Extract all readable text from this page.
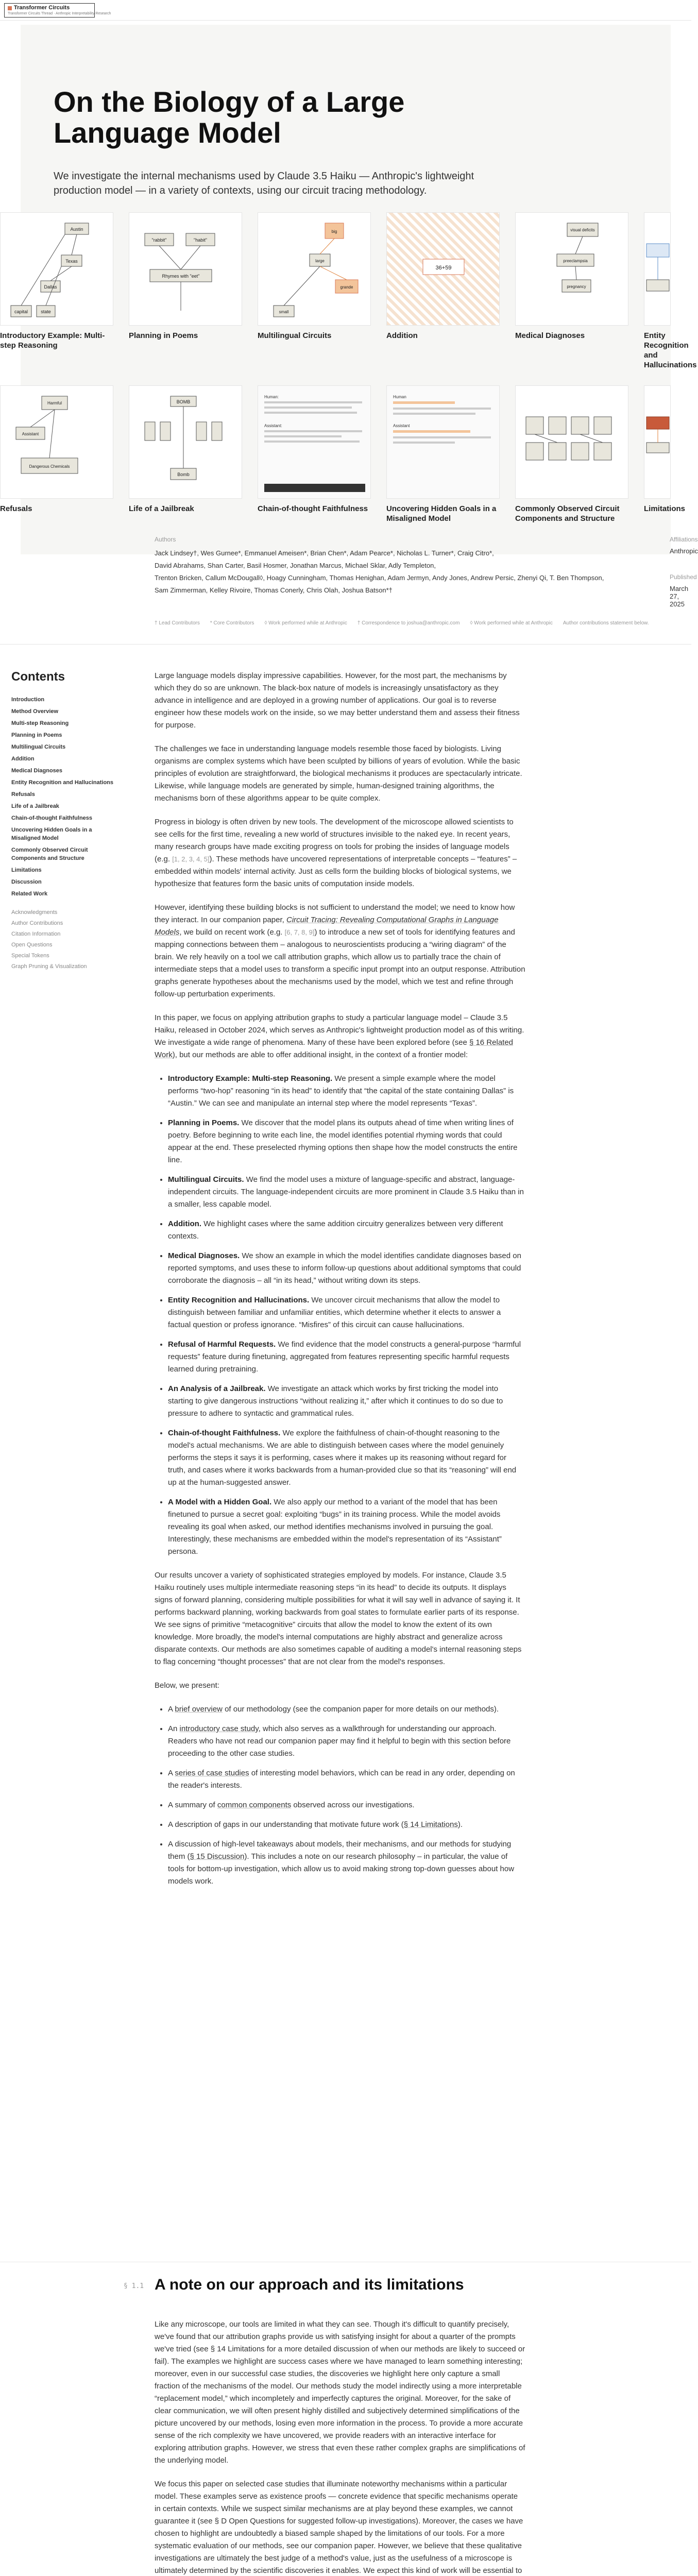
Transformer Circuits
Transformer Circuits Thread · Anthropic Interpretability Research
On the Biology of a Large Language Model
We investigate the internal mechanisms used by Claude 3.5 Haiku — Anthropic's lightweight production model — in a variety of contexts, using our circuit tracing methodology.
Austin
Texas
Dallas
capital	state
Introductory Example: Multi-step Reasoning
"rabbit"	"habit"
Rhymes with "eet"
Planning in Poems
big
large
grande
small
Multilingual Circuits
36+59
Addition
visual deficits
preeclampsia
pregnancy
Medical Diagnoses	Entity Recognition and Hallucinations
Harmful
Assistant
Dangerous Chemicals
Refusals
BOMB
Bomb
Life of a Jailbreak
Human:
Assistant:
Chain-of-thought Faithfulness
Human
Assistant
Uncovering Hidden Goals in a Misaligned Model
Commonly Observed Circuit Components and Structure
Limitations
Authors
Jack Lindsey†, Wes Gurnee*, Emmanuel Ameisen*, Brian Chen*, Adam Pearce*, Nicholas L. Turner*, Craig Citro*,
David Abrahams, Shan Carter, Basil Hosmer, Jonathan Marcus, Michael Sklar, Adly Templeton,
Trenton Bricken, Callum McDougall◊, Hoagy Cunningham, Thomas Henighan, Adam Jermyn, Andy Jones, Andrew Persic, Zhenyi Qi, T. Ben Thompson,
Sam Zimmerman, Kelley Rivoire, Thomas Conerly, Chris Olah, Joshua Batson*†
Affiliations
Anthropic
Published
March 27, 2025
† Lead Contributors * Core Contributors ◊ Work performed while at Anthropic † Correspondence to joshua@anthropic.com ◊ Work performed while at Anthropic Author contributions statement below.
Contents
Introduction
Method Overview
Multi-step Reasoning
Planning in Poems
Multilingual Circuits
Addition
Medical Diagnoses
Entity Recognition and Hallucinations
Refusals
Life of a Jailbreak
Chain-of-thought Faithfulness
Uncovering Hidden Goals in a Misaligned Model
Commonly Observed Circuit Components and Structure
Limitations
Discussion
Related Work
Acknowledgments
Author Contributions
Citation Information
Open Questions
Special Tokens
Graph Pruning & Visualization

Large language models display impressive capabilities. However, for the most part, the mechanisms by which they do so are unknown. The black-box nature of models is increasingly unsatisfactory as they advance in intelligence and are deployed in a growing number of applications. Our goal is to reverse engineer how these models work on the inside, so we may better understand them and assess their fitness for purpose.

The challenges we face in understanding language models resemble those faced by biologists. Living organisms are complex systems which have been sculpted by billions of years of evolution. While the basic principles of evolution are straightforward, the biological mechanisms it produces are spectacularly intricate. Likewise, while language models are generated by simple, human-designed training algorithms, the mechanisms born of these algorithms appear to be quite complex.

Progress in biology is often driven by new tools. The development of the microscope allowed scientists to see cells for the first time, revealing a new world of structures invisible to the naked eye. In recent years, many research groups have made exciting progress on tools for probing the insides of language models (e.g. [1, 2, 3, 4, 5]). These methods have uncovered representations of interpretable concepts – “features” – embedded within models' internal activity. Just as cells form the building blocks of biological systems, we hypothesize that features form the basic units of computation inside models.

However, identifying these building blocks is not sufficient to understand the model; we need to know how they interact. In our companion paper, Circuit Tracing: Revealing Computational Graphs in Language Models, we build on recent work (e.g. [6, 7, 8, 9]) to introduce a new set of tools for identifying features and mapping connections between them – analogous to neuroscientists producing a “wiring diagram” of the brain. We rely heavily on a tool we call attribution graphs, which allow us to partially trace the chain of intermediate steps that a model uses to transform a specific input prompt into an output response. Attribution graphs generate hypotheses about the mechanisms used by the model, which we test and refine through follow-up perturbation experiments.

In this paper, we focus on applying attribution graphs to study a particular language model – Claude 3.5 Haiku, released in October 2024, which serves as Anthropic's lightweight production model as of this writing. We investigate a wide range of phenomena. Many of these have been explored before (see § 16 Related Work), but our methods are able to offer additional insight, in the context of a frontier model:

• Introductory Example: Multi-step Reasoning. We present a simple example where the model performs “two-hop” reasoning “in its head” to identify that “the capital of the state containing Dallas” is “Austin.” We can see and manipulate an internal step where the model represents “Texas”.
• Planning in Poems. We discover that the model plans its outputs ahead of time when writing lines of poetry. Before beginning to write each line, the model identifies potential rhyming words that could appear at the end. These preselected rhyming options then shape how the model constructs the entire line.
• Multilingual Circuits. We find the model uses a mixture of language-specific and abstract, language-independent circuits. The language-independent circuits are more prominent in Claude 3.5 Haiku than in a smaller, less capable model.
• Addition. We highlight cases where the same addition circuitry generalizes between very different contexts.
• Medical Diagnoses. We show an example in which the model identifies candidate diagnoses based on reported symptoms, and uses these to inform follow-up questions about additional symptoms that could corroborate the diagnosis – all “in its head,” without writing down its steps.
• Entity Recognition and Hallucinations. We uncover circuit mechanisms that allow the model to distinguish between familiar and unfamiliar entities, which determine whether it elects to answer a factual question or profess ignorance. “Misfires” of this circuit can cause hallucinations.
• Refusal of Harmful Requests. We find evidence that the model constructs a general-purpose “harmful requests” feature during finetuning, aggregated from features representing specific harmful requests learned during pretraining.
• An Analysis of a Jailbreak. We investigate an attack which works by first tricking the model into starting to give dangerous instructions “without realizing it,” after which it continues to do so due to pressure to adhere to syntactic and grammatical rules.
• Chain-of-thought Faithfulness. We explore the faithfulness of chain-of-thought reasoning to the model's actual mechanisms. We are able to distinguish between cases where the model genuinely performs the steps it says it is performing, cases where it makes up its reasoning without regard for truth, and cases where it works backwards from a human-provided clue so that its “reasoning” will end up at the human-suggested answer.
• A Model with a Hidden Goal. We also apply our method to a variant of the model that has been finetuned to pursue a secret goal: exploiting “bugs” in its training process. While the model avoids revealing its goal when asked, our method identifies mechanisms involved in pursuing the goal. Interestingly, these mechanisms are embedded within the model's representation of its “Assistant” persona.

Our results uncover a variety of sophisticated strategies employed by models. For instance, Claude 3.5 Haiku routinely uses multiple intermediate reasoning steps “in its head” to decide its outputs. It displays signs of forward planning, considering multiple possibilities for what it will say well in advance of saying it. It performs backward planning, working backwards from goal states to formulate earlier parts of its response. We see signs of primitive “metacognitive” circuits that allow the model to know the extent of its own knowledge. More broadly, the model's internal computations are highly abstract and generalize across disparate contexts. Our methods are also sometimes capable of auditing a model's internal reasoning steps to flag concerning “thought processes” that are not clear from the model's responses.

Below, we present:

• A brief overview of our methodology (see the companion paper for more details on our methods).
• An introductory case study, which also serves as a walkthrough for understanding our approach. Readers who have not read our companion paper may find it helpful to begin with this section before proceeding to the other case studies.
• A series of case studies of interesting model behaviors, which can be read in any order, depending on the reader's interests.
• A summary of common components observed across our investigations.
• A description of gaps in our understanding that motivate future work (§ 14 Limitations).
• A discussion of high-level takeaways about models, their mechanisms, and our methods for studying them (§ 15 Discussion). This includes a note on our research philosophy – in particular, the value of tools for bottom-up investigation, which allow us to avoid making strong top-down guesses about how models work.
§ 1.1 A note on our approach and its limitations

Like any microscope, our tools are limited in what they can see. Though it's difficult to quantify precisely, we've found that our attribution graphs provide us with satisfying insight for about a quarter of the prompts we've tried (see § 14 Limitations for a more detailed discussion of when our methods are likely to succeed or fail). The examples we highlight are success cases where we have managed to learn something interesting; moreover, even in our successful case studies, the discoveries we highlight here only capture a small fraction of the mechanisms of the model. Our methods study the model indirectly using a more interpretable “replacement model,” which incompletely and imperfectly captures the original. Moreover, for the sake of clear communication, we will often present highly distilled and subjectively determined simplifications of the picture uncovered by our methods, losing even more information in the process. To provide a more accurate sense of the rich complexity we have uncovered, we provide readers with an interactive interface for exploring attribution graphs. However, we stress that even these rather complex graphs are simplifications of the underlying model.

We focus this paper on selected case studies that illuminate noteworthy mechanisms within a particular model. These examples serve as existence proofs — concrete evidence that specific mechanisms operate in certain contexts. While we suspect similar mechanisms are at play beyond these examples, we cannot guarantee it (see § D Open Questions for suggested follow-up investigations). Moreover, the cases we have chosen to highlight are undoubtedly a biased sample shaped by the limitations of our tools. For a more systematic evaluation of our methods, see our companion paper. However, we believe that these qualitative investigations are ultimately the best judge of a method's value, just as the usefulness of a microscope is ultimately determined by the scientific discoveries it enables. We expect this kind of work will be essential to
